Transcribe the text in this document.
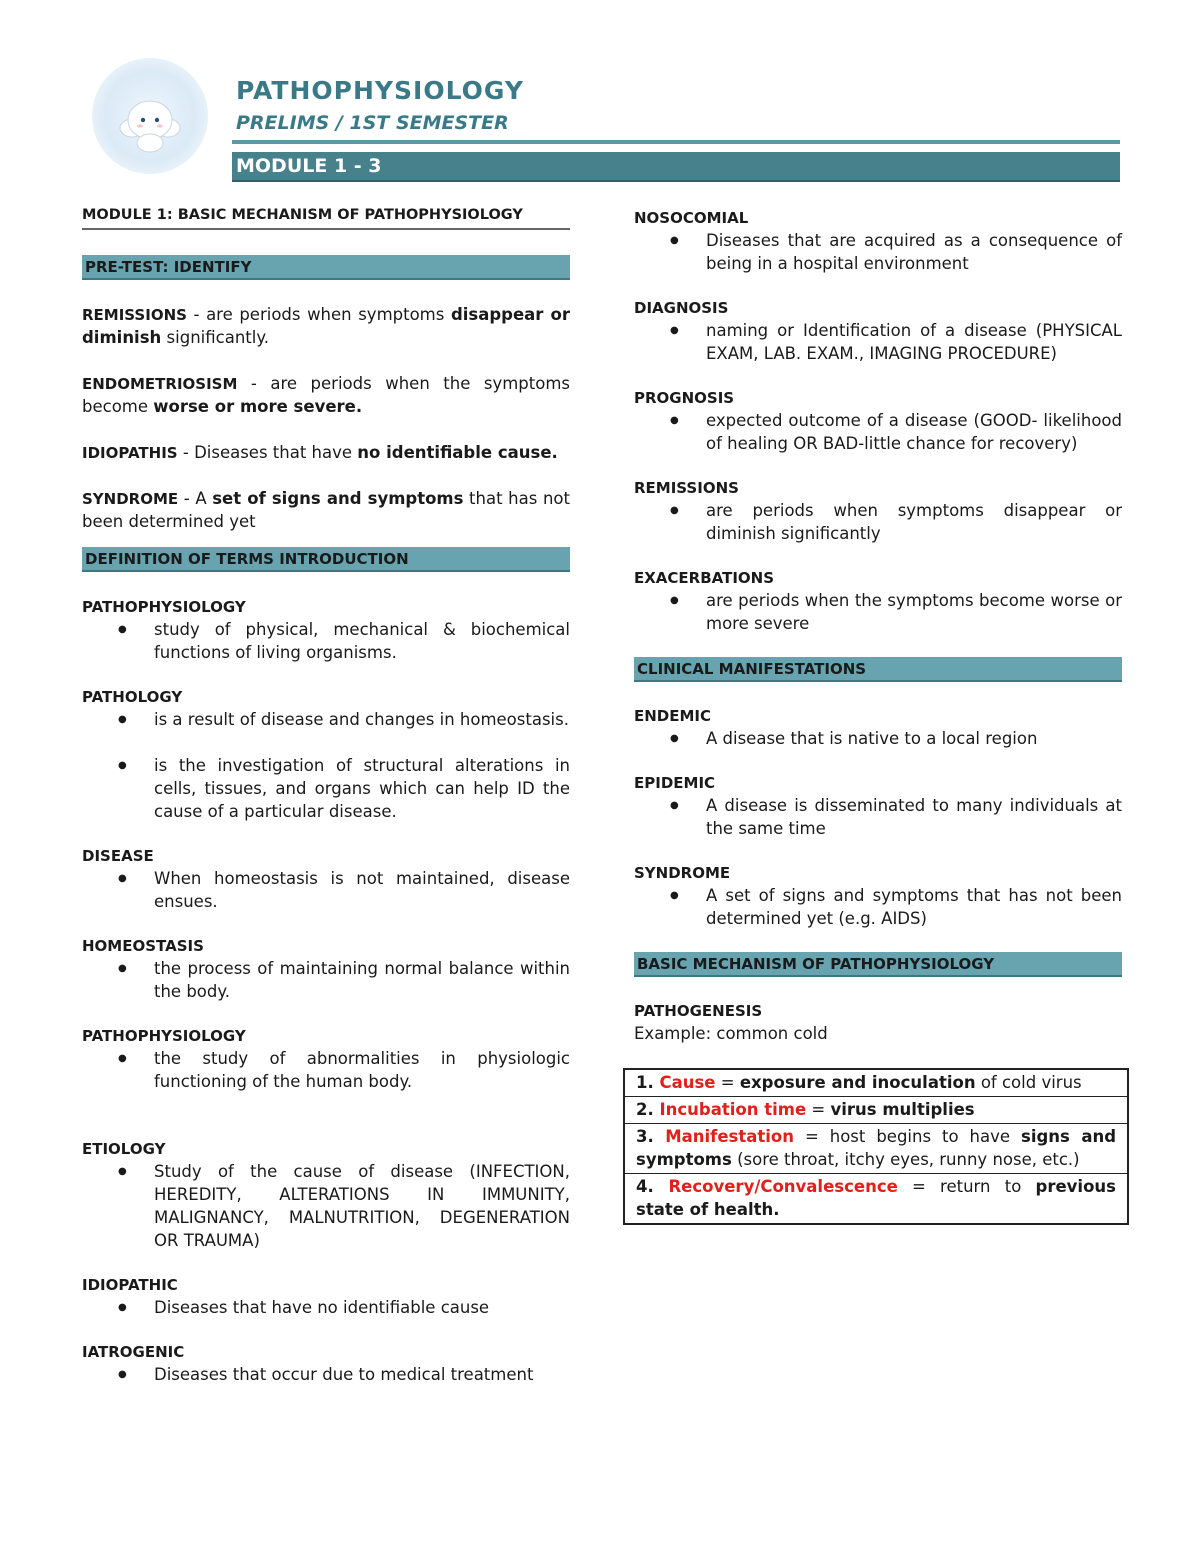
PATHOPHYSIOLOGY
PRELIMS / 1ST SEMESTER
MODULE 1 - 3
MODULE 1: BASIC MECHANISM OF PATHOPHYSIOLOGY
PRE-TEST: IDENTIFY

REMISSIONS - are periods when symptoms disappear or diminish significantly.

ENDOMETRIOSISM - are periods when the symptoms become worse or more severe.

IDIOPATHIS - Diseases that have no identifiable cause.

SYNDROME - A set of signs and symptoms that has not been determined yet

DEFINITION OF TERMS INTRODUCTION
PATHOPHYSIOLOGY
● study of physical, mechanical & biochemical functions of living organisms.
PATHOLOGY
● is a result of disease and changes in homeostasis.
● is the investigation of structural alterations in cells, tissues, and organs which can help ID the cause of a particular disease.
DISEASE
● When homeostasis is not maintained, disease ensues.
HOMEOSTASIS
● the process of maintaining normal balance within the body.
PATHOPHYSIOLOGY
● the study of abnormalities in physiologic functioning of the human body.
ETIOLOGY
● Study of the cause of disease (INFECTION, HEREDITY, ALTERATIONS IN IMMUNITY, MALIGNANCY, MALNUTRITION, DEGENERATION OR TRAUMA)
IDIOPATHIC
● Diseases that have no identifiable cause
IATROGENIC
● Diseases that occur due to medical treatment
NOSOCOMIAL
● Diseases that are acquired as a consequence of being in a hospital environment
DIAGNOSIS
● naming or Identification of a disease (PHYSICAL EXAM, LAB. EXAM., IMAGING PROCEDURE)
PROGNOSIS
● expected outcome of a disease (GOOD- likelihood of healing OR BAD-little chance for recovery)
REMISSIONS
● are periods when symptoms disappear or diminish significantly
EXACERBATIONS
● are periods when the symptoms become worse or more severe
CLINICAL MANIFESTATIONS
ENDEMIC
● A disease that is native to a local region
EPIDEMIC
● A disease is disseminated to many individuals at the same time
SYNDROME
● A set of signs and symptoms that has not been determined yet (e.g. AIDS)
BASIC MECHANISM OF PATHOPHYSIOLOGY
PATHOGENESIS

Example: common cold

1. Cause = exposure and inoculation of cold virus
2. Incubation time = virus multiplies
3. Manifestation = host begins to have signs and symptoms (sore throat, itchy eyes, runny nose, etc.)
4. Recovery/Convalescence = return to previous state of health.
